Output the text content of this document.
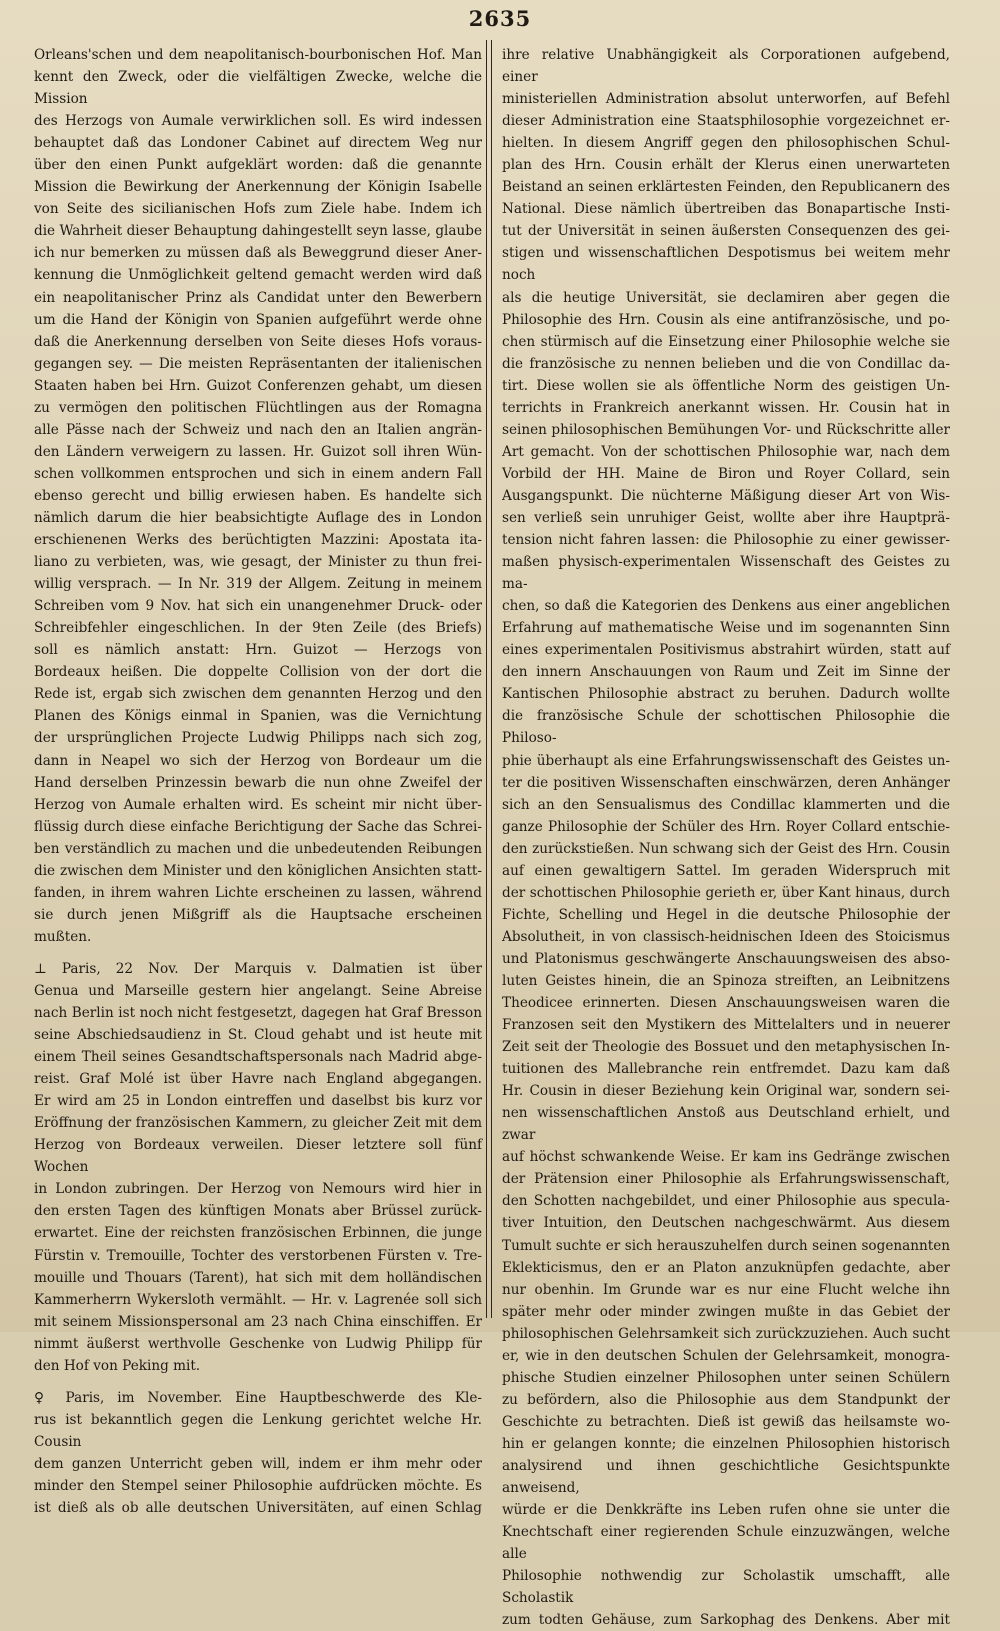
2635

Orleans'schen und dem neapolitanisch-bourbonischen Hof. Man

kennt den Zweck, oder die vielfältigen Zwecke, welche die Mission

des Herzogs von Aumale verwirklichen soll. Es wird indessen

behauptet daß das Londoner Cabinet auf directem Weg nur

über den einen Punkt aufgeklärt worden: daß die genannte

Mission die Bewirkung der Anerkennung der Königin Isabelle

von Seite des sicilianischen Hofs zum Ziele habe. Indem ich

die Wahrheit dieser Behauptung dahingestellt seyn lasse, glaube

ich nur bemerken zu müssen daß als Beweggrund dieser Aner-

kennung die Unmöglichkeit geltend gemacht werden wird daß

ein neapolitanischer Prinz als Candidat unter den Bewerbern

um die Hand der Königin von Spanien aufgeführt werde ohne

daß die Anerkennung derselben von Seite dieses Hofs voraus-

gegangen sey. — Die meisten Repräsentanten der italienischen

Staaten haben bei Hrn. Guizot Conferenzen gehabt, um diesen

zu vermögen den politischen Flüchtlingen aus der Romagna

alle Pässe nach der Schweiz und nach den an Italien angrän-

den Ländern verweigern zu lassen. Hr. Guizot soll ihren Wün-

schen vollkommen entsprochen und sich in einem andern Fall

ebenso gerecht und billig erwiesen haben. Es handelte sich

nämlich darum die hier beabsichtigte Auflage des in London

erschienenen Werks des berüchtigten Mazzini: Apostata ita-

liano zu verbieten, was, wie gesagt, der Minister zu thun frei-

willig versprach. — In Nr. 319 der Allgem. Zeitung in meinem

Schreiben vom 9 Nov. hat sich ein unangenehmer Druck- oder

Schreibfehler eingeschlichen. In der 9ten Zeile (des Briefs)

soll es nämlich anstatt: Hrn. Guizot — Herzogs von

Bordeaux heißen. Die doppelte Collision von der dort die

Rede ist, ergab sich zwischen dem genannten Herzog und den

Planen des Königs einmal in Spanien, was die Vernichtung

der ursprünglichen Projecte Ludwig Philipps nach sich zog,

dann in Neapel wo sich der Herzog von Bordeaur um die

Hand derselben Prinzessin bewarb die nun ohne Zweifel der

Herzog von Aumale erhalten wird. Es scheint mir nicht über-

flüssig durch diese einfache Berichtigung der Sache das Schrei-

ben verständlich zu machen und die unbedeutenden Reibungen

die zwischen dem Minister und den königlichen Ansichten statt-

fanden, in ihrem wahren Lichte erscheinen zu lassen, während

sie durch jenen Mißgriff als die Hauptsache erscheinen

mußten.

⊥ Paris, 22 Nov. Der Marquis v. Dalmatien ist über

Genua und Marseille gestern hier angelangt. Seine Abreise

nach Berlin ist noch nicht festgesetzt, dagegen hat Graf Bresson

seine Abschiedsaudienz in St. Cloud gehabt und ist heute mit

einem Theil seines Gesandtschaftspersonals nach Madrid abge-

reist. Graf Molé ist über Havre nach England abgegangen.

Er wird am 25 in London eintreffen und daselbst bis kurz vor

Eröffnung der französischen Kammern, zu gleicher Zeit mit dem

Herzog von Bordeaux verweilen. Dieser letztere soll fünf Wochen

in London zubringen. Der Herzog von Nemours wird hier in

den ersten Tagen des künftigen Monats aber Brüssel zurück-

erwartet. Eine der reichsten französischen Erbinnen, die junge

Fürstin v. Tremouille, Tochter des verstorbenen Fürsten v. Tre-

mouille und Thouars (Tarent), hat sich mit dem holländischen

Kammerherrn Wykersloth vermählt. — Hr. v. Lagrenée soll sich

mit seinem Missionspersonal am 23 nach China einschiffen. Er

nimmt äußerst werthvolle Geschenke von Ludwig Philipp für

den Hof von Peking mit.

♀ Paris, im November. Eine Hauptbeschwerde des Kle-

rus ist bekanntlich gegen die Lenkung gerichtet welche Hr. Cousin

dem ganzen Unterricht geben will, indem er ihm mehr oder

minder den Stempel seiner Philosophie aufdrücken möchte. Es

ist dieß als ob alle deutschen Universitäten, auf einen Schlag

ihre relative Unabhängigkeit als Corporationen aufgebend, einer

ministeriellen Administration absolut unterworfen, auf Befehl

dieser Administration eine Staatsphilosophie vorgezeichnet er-

hielten. In diesem Angriff gegen den philosophischen Schul-

plan des Hrn. Cousin erhält der Klerus einen unerwarteten

Beistand an seinen erklärtesten Feinden, den Republicanern des

National. Diese nämlich übertreiben das Bonapartische Insti-

tut der Universität in seinen äußersten Consequenzen des gei-

stigen und wissenschaftlichen Despotismus bei weitem mehr noch

als die heutige Universität, sie declamiren aber gegen die

Philosophie des Hrn. Cousin als eine antifranzösische, und po-

chen stürmisch auf die Einsetzung einer Philosophie welche sie

die französische zu nennen belieben und die von Condillac da-

tirt. Diese wollen sie als öffentliche Norm des geistigen Un-

terrichts in Frankreich anerkannt wissen. Hr. Cousin hat in

seinen philosophischen Bemühungen Vor- und Rückschritte aller

Art gemacht. Von der schottischen Philosophie war, nach dem

Vorbild der HH. Maine de Biron und Royer Collard, sein

Ausgangspunkt. Die nüchterne Mäßigung dieser Art von Wis-

sen verließ sein unruhiger Geist, wollte aber ihre Hauptprä-

tension nicht fahren lassen: die Philosophie zu einer gewisser-

maßen physisch-experimentalen Wissenschaft des Geistes zu ma-

chen, so daß die Kategorien des Denkens aus einer angeblichen

Erfahrung auf mathematische Weise und im sogenannten Sinn

eines experimentalen Positivismus abstrahirt würden, statt auf

den innern Anschauungen von Raum und Zeit im Sinne der

Kantischen Philosophie abstract zu beruhen. Dadurch wollte

die französische Schule der schottischen Philosophie die Philoso-

phie überhaupt als eine Erfahrungswissenschaft des Geistes un-

ter die positiven Wissenschaften einschwärzen, deren Anhänger

sich an den Sensualismus des Condillac klammerten und die

ganze Philosophie der Schüler des Hrn. Royer Collard entschie-

den zurückstießen. Nun schwang sich der Geist des Hrn. Cousin

auf einen gewaltigern Sattel. Im geraden Widerspruch mit

der schottischen Philosophie gerieth er, über Kant hinaus, durch

Fichte, Schelling und Hegel in die deutsche Philosophie der

Absolutheit, in von classisch-heidnischen Ideen des Stoicismus

und Platonismus geschwängerte Anschauungsweisen des abso-

luten Geistes hinein, die an Spinoza streiften, an Leibnitzens

Theodicee erinnerten. Diesen Anschauungsweisen waren die

Franzosen seit den Mystikern des Mittelalters und in neuerer

Zeit seit der Theologie des Bossuet und den metaphysischen In-

tuitionen des Mallebranche rein entfremdet. Dazu kam daß

Hr. Cousin in dieser Beziehung kein Original war, sondern sei-

nen wissenschaftlichen Anstoß aus Deutschland erhielt, und zwar

auf höchst schwankende Weise. Er kam ins Gedränge zwischen

der Prätension einer Philosophie als Erfahrungswissenschaft,

den Schotten nachgebildet, und einer Philosophie aus specula-

tiver Intuition, den Deutschen nachgeschwärmt. Aus diesem

Tumult suchte er sich herauszuhelfen durch seinen sogenannten

Eklekticismus, den er an Platon anzuknüpfen gedachte, aber

nur obenhin. Im Grunde war es nur eine Flucht welche ihn

später mehr oder minder zwingen mußte in das Gebiet der

philosophischen Gelehrsamkeit sich zurückzuziehen. Auch sucht

er, wie in den deutschen Schulen der Gelehrsamkeit, monogra-

phische Studien einzelner Philosophen unter seinen Schülern

zu befördern, also die Philosophie aus dem Standpunkt der

Geschichte zu betrachten. Dieß ist gewiß das heilsamste wo-

hin er gelangen konnte; die einzelnen Philosophien historisch

analysirend und ihnen geschichtliche Gesichtspunkte anweisend,

würde er die Denkkräfte ins Leben rufen ohne sie unter die

Knechtschaft einer regierenden Schule einzuzwängen, welche alle

Philosophie nothwendig zur Scholastik umschafft, alle Scholastik

zum todten Gehäuse, zum Sarkophag des Denkens. Aber mit
